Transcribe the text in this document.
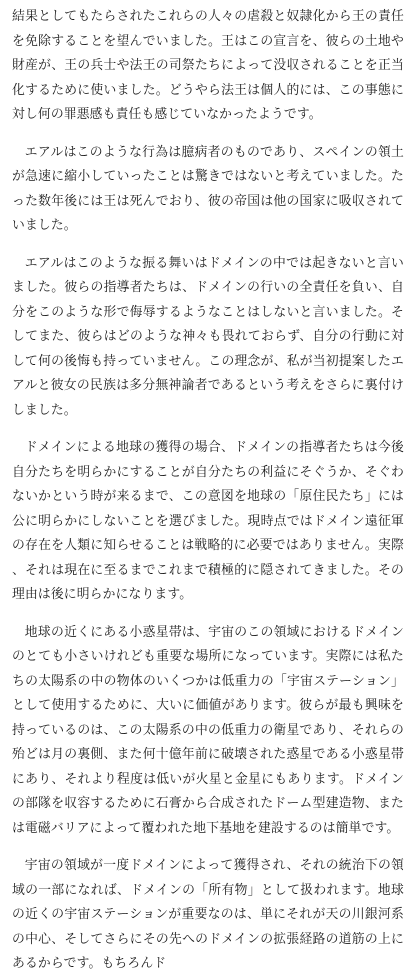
結果としてもたらされたこれらの人々の虐殺と奴隷化から王の責任を免除することを望んでいました。王はこの宣言を、彼らの土地や財産が、王の兵士や法王の司祭たちによって没収されることを正当化するために使いました。どうやら法王は個人的には、この事態に対し何の罪悪感も責任も感じていなかったようです。

エアルはこのような行為は臆病者のものであり、スペインの領土が急速に縮小していったことは驚きではないと考えていました。たった数年後には王は死んでおり、彼の帝国は他の国家に吸収されていました。

エアルはこのような振る舞いはドメインの中では起きないと言いました。彼らの指導者たちは、ドメインの行いの全責任を負い、自分をこのような形で侮辱するようなことはしないと言いました。そしてまた、彼らはどのような神々も畏れておらず、自分の行動に対して何の後悔も持っていません。この理念が、私が当初提案したエアルと彼女の民族は多分無神論者であるという考えをさらに裏付けしました。

ドメインによる地球の獲得の場合、ドメインの指導者たちは今後自分たちを明らかにすることが自分たちの利益にそぐうか、そぐわないかという時が来るまで、この意図を地球の「原住民たち」には公に明らかにしないことを選びました。現時点ではドメイン遠征軍の存在を人類に知らせることは戦略的に必要ではありません。実際、それは現在に至るまでこれまで積極的に隠されてきました。その理由は後に明らかになります。

地球の近くにある小惑星帯は、宇宙のこの領域におけるドメインのとても小さいけれども重要な場所になっています。実際には私たちの太陽系の中の物体のいくつかは低重力の「宇宙ステーション」として使用するために、大いに価値があります。彼らが最も興味を持っているのは、この太陽系の中の低重力の衛星であり、それらの殆どは月の裏側、また何十億年前に破壊された惑星である小惑星帯にあり、それより程度は低いが火星と金星にもあります。ドメインの部隊を収容するために石膏から合成されたドーム型建造物、または電磁バリアによって覆われた地下基地を建設するのは簡単です。

宇宙の領域が一度ドメインによって獲得され、それの統治下の領域の一部になれば、ドメインの「所有物」として扱われます。地球の近くの宇宙ステーションが重要なのは、単にそれが天の川銀河系の中心、そしてさらにその先へのドメインの拡張経路の道筋の上にあるからです。もちろんド
